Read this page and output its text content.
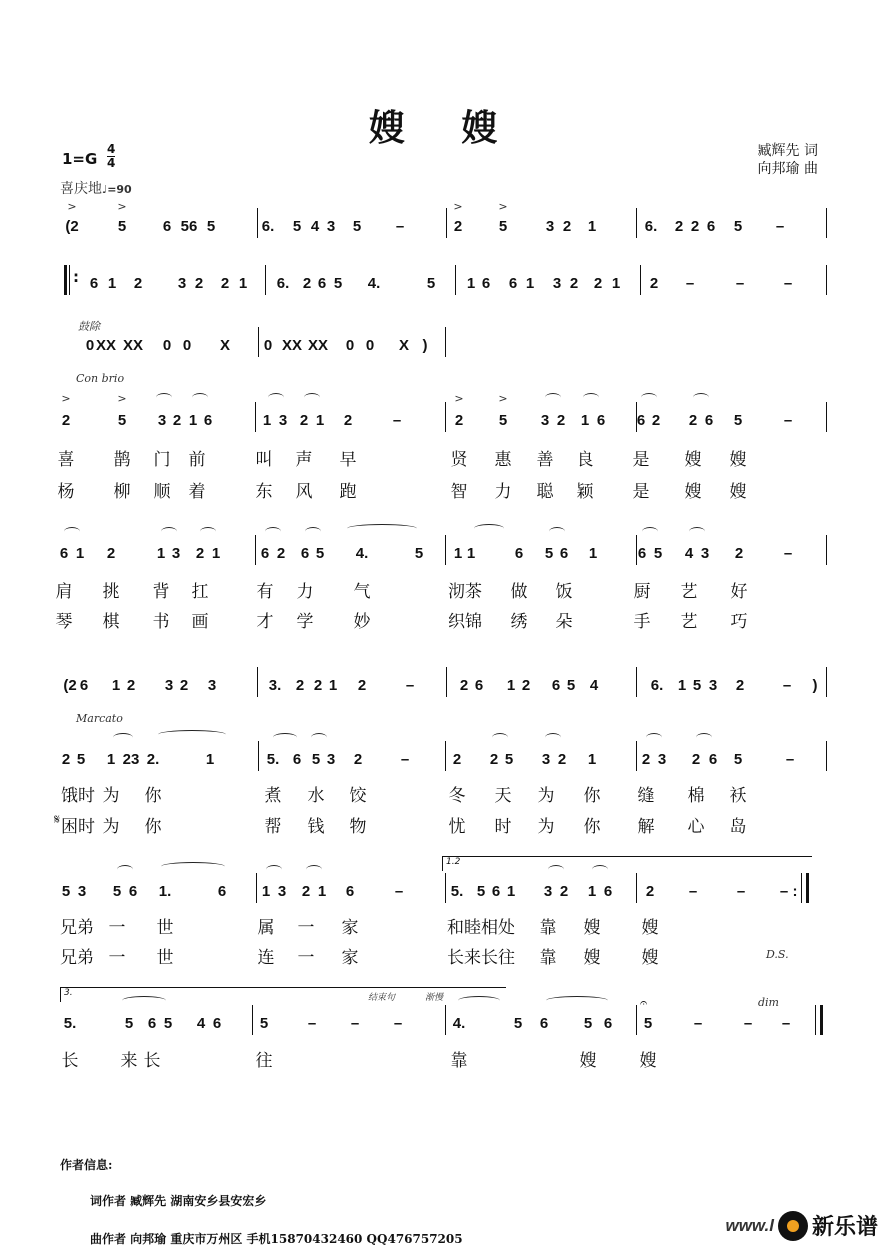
嫂 嫂
臧辉先 词
向邦瑜 曲
1=G
4
4
喜庆地♩=90
>	>	>	>
>	>	>	>
鼓除
Con brio
Marcato
D.S.
结束句	渐慢	dim
𝄋
𝄐
1.2
3.
:
(2	5 6 56 5	6. 5 4 3 5 –	2 5	3 2 1	6. 2 2 6 5 –
6 1 2 3 2 2 1 6. 2 6 5 4.	5 1 6 6 1 3 2 2 1 2 –	–	–
0 XX XX 0 0 X 0 XX XX 0 0 X )
2	5 3 2 1 6	1 3 2 1 2	–	2 5 3 2 1 6 6 2 2 6 5	–
6 1 2	1 3 2 1	6 2 6 5 4.	5 1 1	6 5 6 1	6 5 4 3 2	–
(2 6 1 2 3 2 3	3. 2 2 1 2	–	2 6 1 2 6 5 4	6. 1 5 3 2	– )
2 5 1 23 2.	1	5. 6 5 3 2	–	2 2 5 3 2 1	2 3 2 6 5	–
5 3 5 6 1.	6 1 3 2 1 6	–	5. 5 6 1 3 2 1 6 2 –	– – :
5.	5 6 5 4 6	5	– – –	4.	5 6 5 6 5	–	– –
喜 鹊 门 前	叫 声 早	贤 惠 善 良 是 嫂 嫂
杨 柳 顺 着	东 风 跑	智 力 聪 颖 是 嫂 嫂
肩 挑 背 扛	有 力 气	沏茶 做 饭	厨 艺 好
琴 棋 书 画	才 学 妙	织锦 绣 朵	手 艺 巧
饿时 为 你	煮 水 饺	冬 天 为 你 缝 棉 袄
困时 为 你	帮 钱 物	忧 时 为 你 解 心 岛
兄弟 一 世	属 一 家	和睦相处 靠 嫂 嫂
兄弟 一 世	连 一 家	长来长往 靠 嫂 嫂
长 来 长	往	靠	嫂	嫂
作者信息:
词作者 臧辉先 湖南安乡县安宏乡
曲作者 向邦瑜 重庆市万州区 手机15870432460 QQ476757205
www.l 新乐谱
